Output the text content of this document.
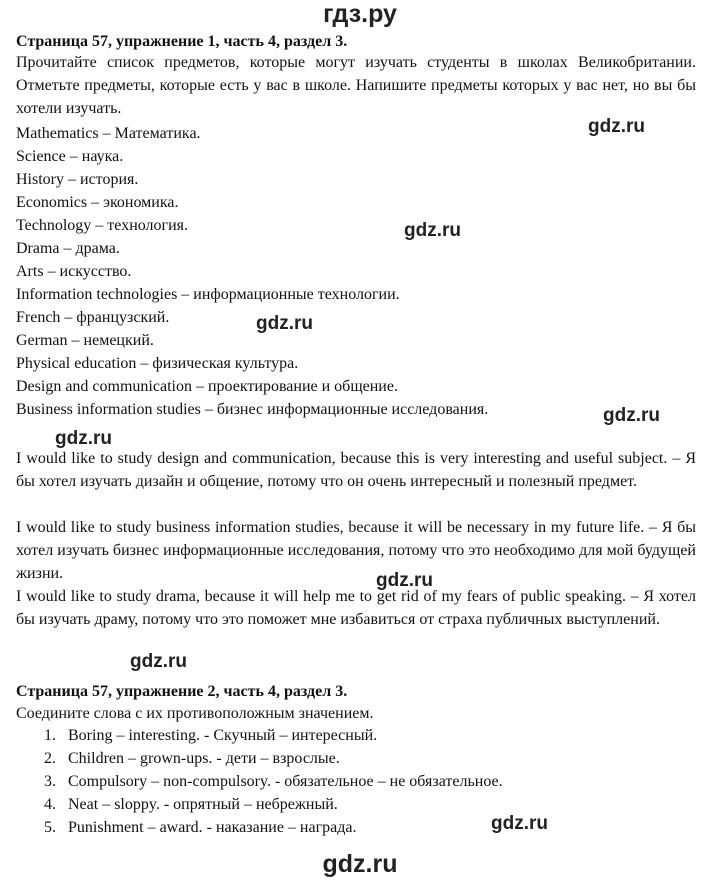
гдз.ру
Страница 57, упражнение 1, часть 4, раздел 3.
Прочитайте список предметов, которые могут изучать студенты в школах Великобритании. Отметьте предметы, которые есть у вас в школе. Напишите предметы которых у вас нет, но вы бы хотели изучать.
Mathematics – Математика.
Science – наука.
History – история.
Economics – экономика.
Technology – технология.
Drama – драма.
Arts – искусство.
Information technologies – информационные технологии.
French – французский.
German – немецкий.
Physical education – физическая культура.
Design and communication – проектирование и общение.
Business information studies – бизнес информационные исследования.
I would like to study design and communication, because this is very interesting and useful subject. – Я бы хотел изучать дизайн и общение, потому что он очень интересный и полезный предмет.
I would like to study business information studies, because it will be necessary in my future life. – Я бы хотел изучать бизнес информационные исследования, потому что это необходимо для мой будущей жизни.
I would like to study drama, because it will help me to get rid of my fears of public speaking. – Я хотел бы изучать драму, потому что это поможет мне избавиться от страха публичных выступлений.
Страница 57, упражнение 2, часть 4, раздел 3.
Соедините слова с их противоположным значением.
1. Boring – interesting. - Скучный – интересный.
2. Children – grown-ups. - дети – взрослые.
3. Compulsory – non-compulsory. - обязательное – не обязательное.
4. Neat – sloppy. - опрятный – небрежный.
5. Punishment – award. - наказание – награда.
gdz.ru
gdz.ru
gdz.ru
gdz.ru
gdz.ru
gdz.ru
gdz.ru
gdz.ru
gdz.ru
